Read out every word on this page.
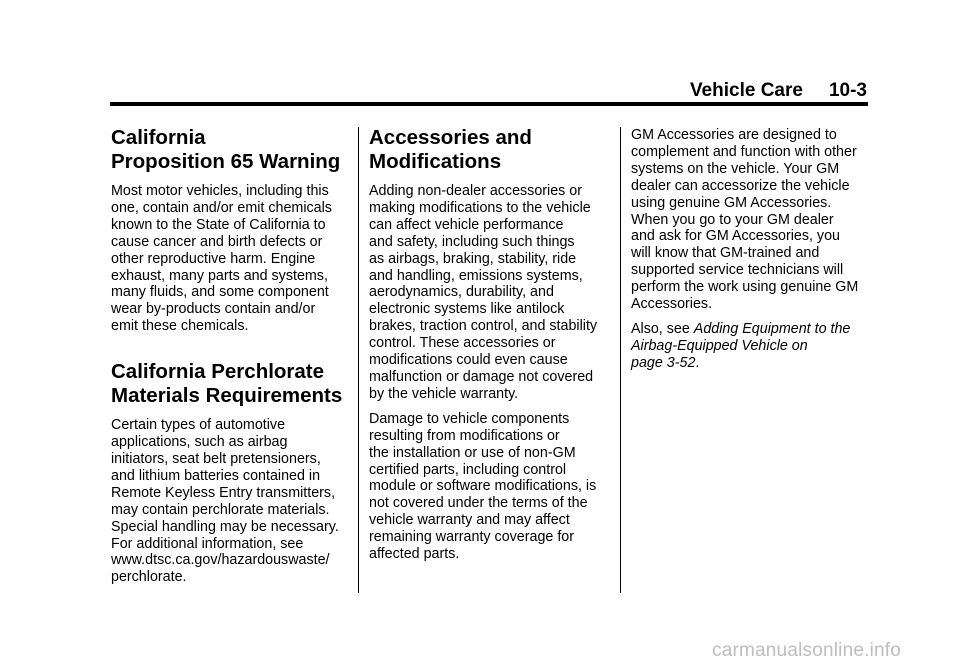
Vehicle Care 10-3
California
Proposition 65 Warning

Most motor vehicles, including this
one, contain and/or emit chemicals
known to the State of California to
cause cancer and birth defects or
other reproductive harm. Engine
exhaust, many parts and systems,
many fluids, and some component
wear by-products contain and/or
emit these chemicals.

California Perchlorate
Materials Requirements

Certain types of automotive
applications, such as airbag
initiators, seat belt pretensioners,
and lithium batteries contained in
Remote Keyless Entry transmitters,
may contain perchlorate materials.
Special handling may be necessary.
For additional information, see
www.dtsc.ca.gov/hazardouswaste/
perchlorate.

Accessories and
Modifications

Adding non-dealer accessories or
making modifications to the vehicle
can affect vehicle performance
and safety, including such things
as airbags, braking, stability, ride
and handling, emissions systems,
aerodynamics, durability, and
electronic systems like antilock
brakes, traction control, and stability
control. These accessories or
modifications could even cause
malfunction or damage not covered
by the vehicle warranty.

Damage to vehicle components
resulting from modifications or
the installation or use of non-GM
certified parts, including control
module or software modifications, is
not covered under the terms of the
vehicle warranty and may affect
remaining warranty coverage for
affected parts.

GM Accessories are designed to
complement and function with other
systems on the vehicle. Your GM
dealer can accessorize the vehicle
using genuine GM Accessories.
When you go to your GM dealer
and ask for GM Accessories, you
will know that GM-trained and
supported service technicians will
perform the work using genuine GM
Accessories.

Also, see Adding Equipment to the
Airbag-Equipped Vehicle on
page 3-52.

carmanualsonline.info
